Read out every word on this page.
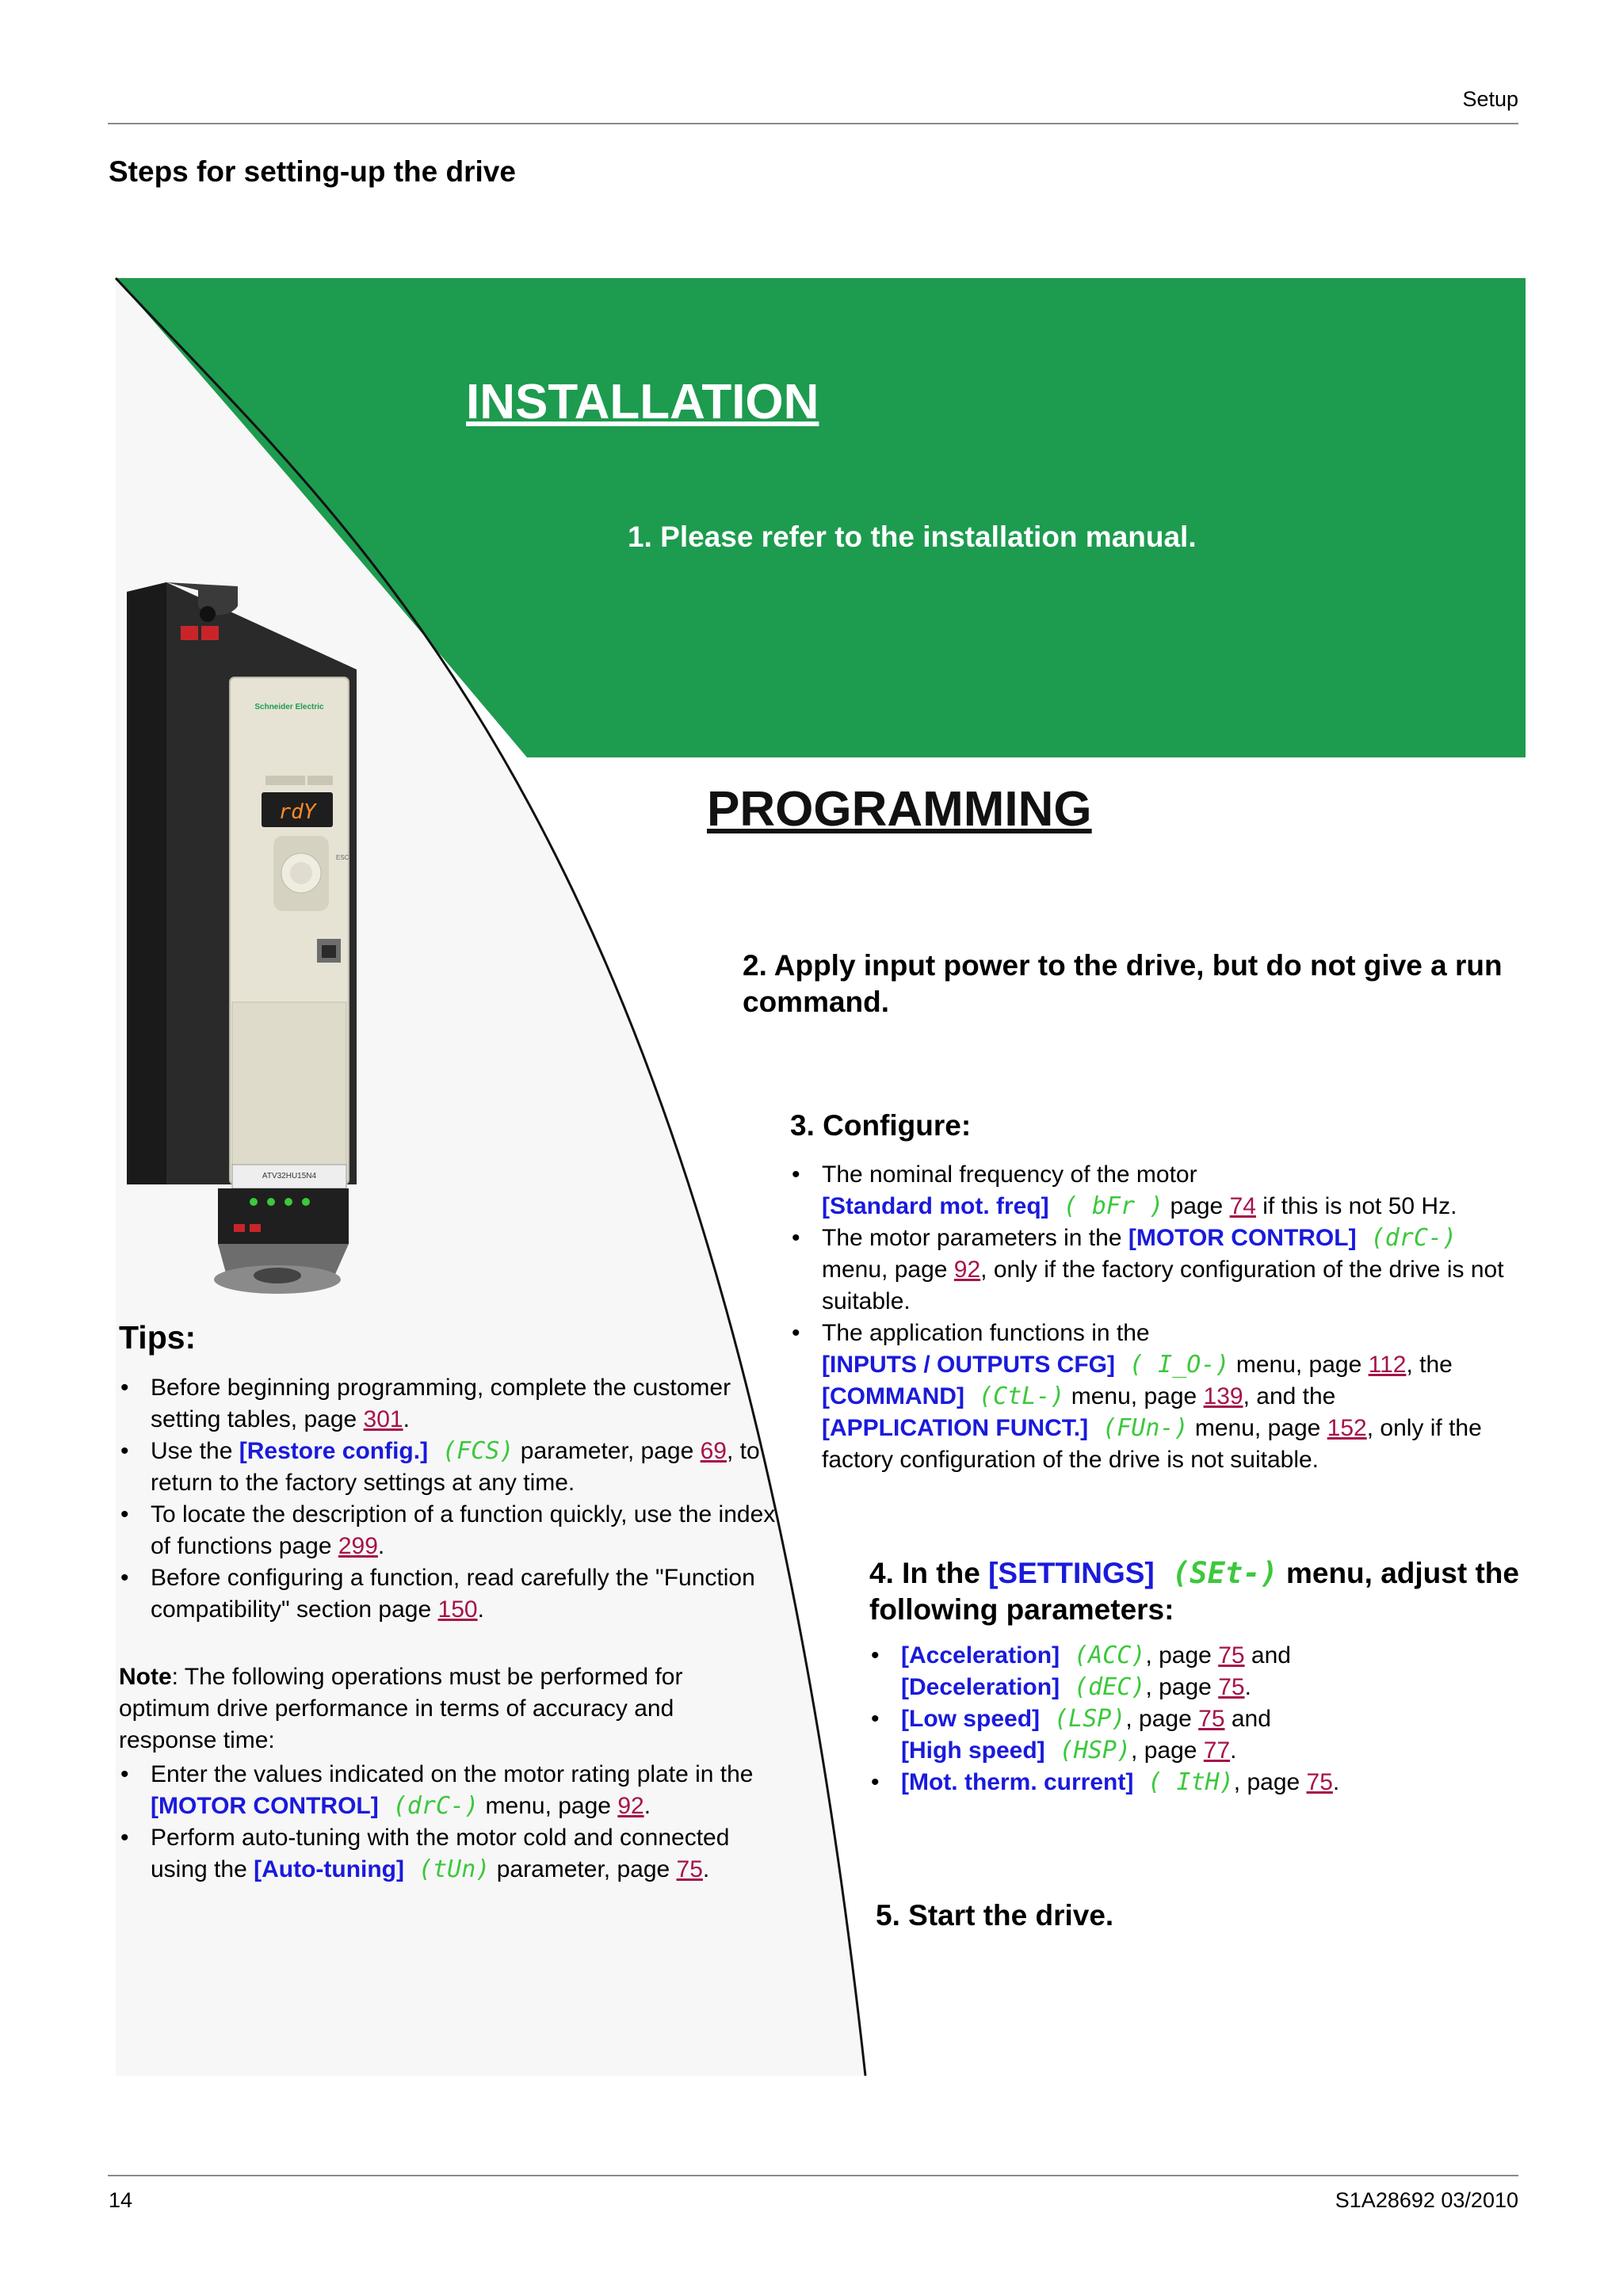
Setup
Steps for setting-up the drive
INSTALLATION
1. Please refer to the installation manual.
Schneider Electric
rdY
ESC
ATV32HU15N4
PROGRAMMING
2. Apply input power to the drive, but do not give a run command.
3. Configure:
• The nominal frequency of the motor
[Standard mot. freq] ( bFr ) page 74 if this is not 50 Hz.
• The motor parameters in the [MOTOR CONTROL] (drC-) menu, page 92, only if the factory configuration of the drive is not suitable.
• The application functions in the
[INPUTS / OUTPUTS CFG] ( I_O-) menu, page 112, the
[COMMAND] (CtL-) menu, page 139, and the
[APPLICATION FUNCT.] (FUn-) menu, page 152, only if the factory configuration of the drive is not suitable.
4. In the [SETTINGS] (SEt-) menu, adjust the following parameters:
• [Acceleration] (ACC), page 75 and
[Deceleration] (dEC), page 75.
• [Low speed] (LSP), page 75 and
[High speed] (HSP), page 77.
• [Mot. therm. current] ( ItH), page 75.
5. Start the drive.
Tips:
• Before beginning programming, complete the customer setting tables, page 301.
• Use the [Restore config.] (FCS) parameter, page 69, to return to the factory settings at any time.
• To locate the description of a function quickly, use the index of functions page 299.
• Before configuring a function, read carefully the "Function compatibility" section page 150.
Note: The following operations must be performed for optimum drive performance in terms of accuracy and response time:
• Enter the values indicated on the motor rating plate in the
[MOTOR CONTROL] (drC-) menu, page 92.
• Perform auto-tuning with the motor cold and connected using the [Auto-tuning] (tUn) parameter, page 75.
14	S1A28692 03/2010
